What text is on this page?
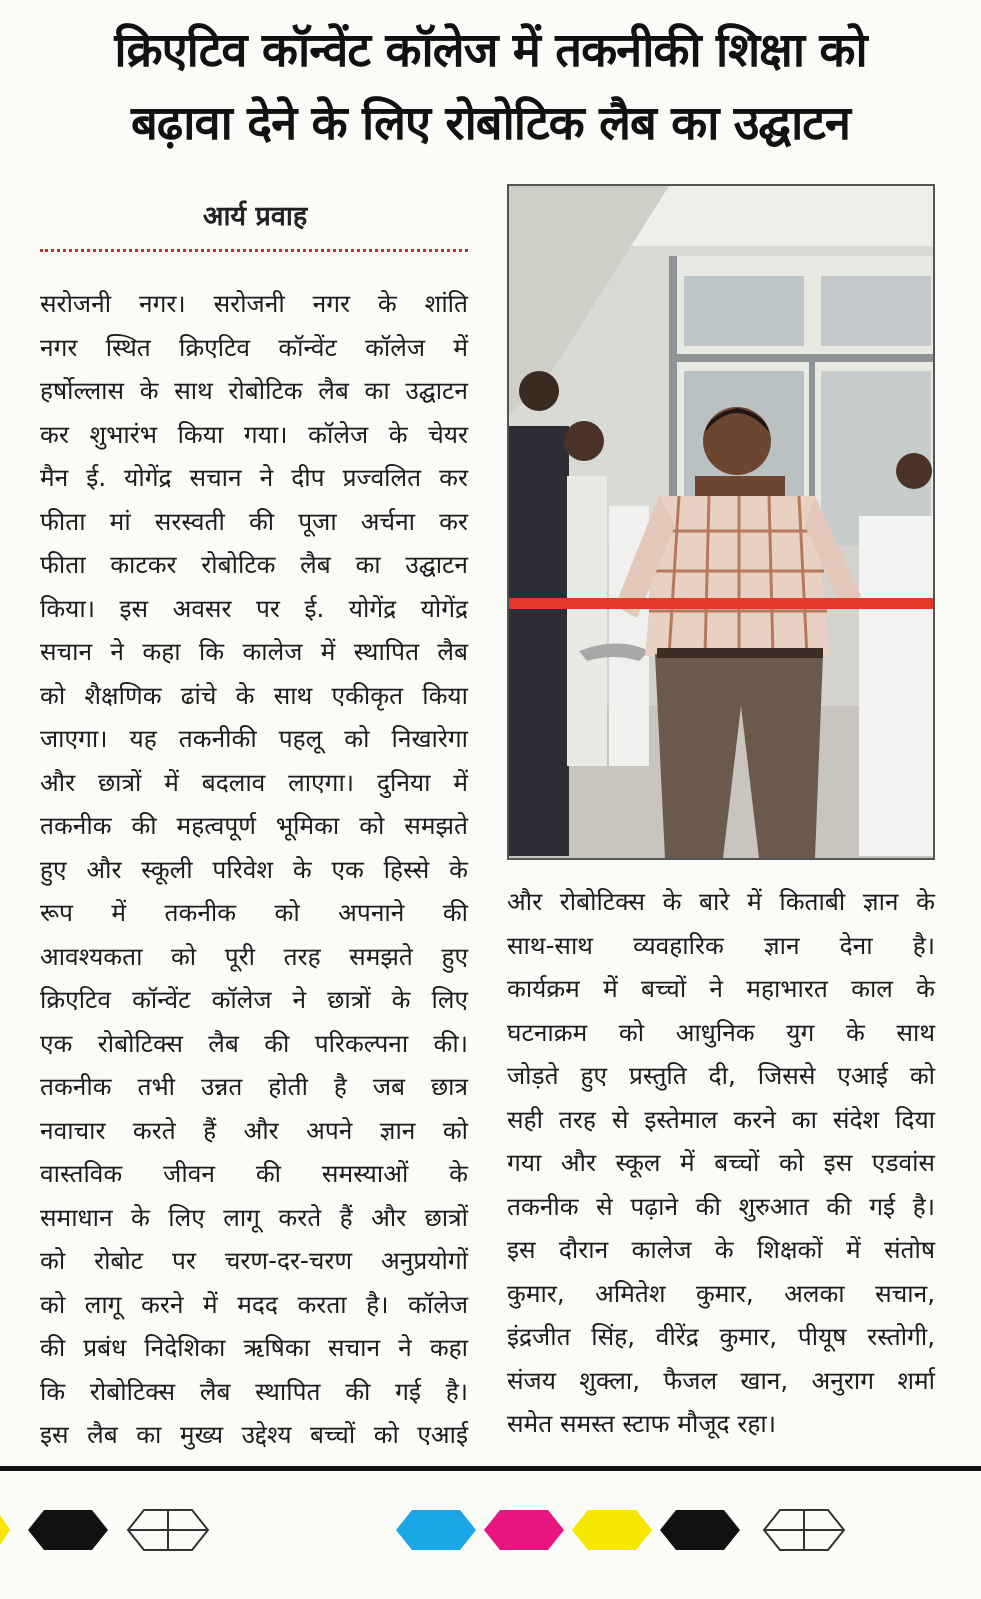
क्रिएटिव कॉन्वेंट कॉलेज में तकनीकी शिक्षा को
बढ़ावा देने के लिए रोबोटिक लैब का उद्घाटन
आर्य प्रवाह

सरोजनी नगर। सरोजनी नगर के शांति

नगर स्थित क्रिएटिव कॉन्वेंट कॉलेज में

हर्षोल्लास के साथ रोबोटिक लैब का उद्घाटन

कर शुभारंभ किया गया। कॉलेज के चेयर

मैन ई. योगेंद्र सचान ने दीप प्रज्वलित कर

फीता मां सरस्वती की पूजा अर्चना कर

फीता काटकर रोबोटिक लैब का उद्घाटन

किया। इस अवसर पर ई. योगेंद्र योगेंद्र

सचान ने कहा कि कालेज में स्थापित लैब

को शैक्षणिक ढांचे के साथ एकीकृत किया

जाएगा। यह तकनीकी पहलू को निखारेगा

और छात्रों में बदलाव लाएगा। दुनिया में

तकनीक की महत्वपूर्ण भूमिका को समझते

हुए और स्कूली परिवेश के एक हिस्से के

रूप में तकनीक को अपनाने की

आवश्यकता को पूरी तरह समझते हुए

क्रिएटिव कॉन्वेंट कॉलेज ने छात्रों के लिए

एक रोबोटिक्स लैब की परिकल्पना की।

तकनीक तभी उन्नत होती है जब छात्र

नवाचार करते हैं और अपने ज्ञान को

वास्तविक जीवन की समस्याओं के

समाधान के लिए लागू करते हैं और छात्रों

को रोबोट पर चरण-दर-चरण अनुप्रयोगों

को लागू करने में मदद करता है। कॉलेज

की प्रबंध निदेशिका ऋषिका सचान ने कहा

कि रोबोटिक्स लैब स्थापित की गई है।

इस लैब का मुख्य उद्देश्य बच्चों को एआई

और रोबोटिक्स के बारे में किताबी ज्ञान के

साथ-साथ व्यवहारिक ज्ञान देना है।

कार्यक्रम में बच्चों ने महाभारत काल के

घटनाक्रम को आधुनिक युग के साथ

जोड़ते हुए प्रस्तुति दी, जिससे एआई को

सही तरह से इस्तेमाल करने का संदेश दिया

गया और स्कूल में बच्चों को इस एडवांस

तकनीक से पढ़ाने की शुरुआत की गई है।

इस दौरान कालेज के शिक्षकों में संतोष

कुमार, अमितेश कुमार, अलका सचान,

इंद्रजीत सिंह, वीरेंद्र कुमार, पीयूष रस्तोगी,

संजय शुक्ला, फैजल खान, अनुराग शर्मा

समेत समस्त स्टाफ मौजूद रहा।
